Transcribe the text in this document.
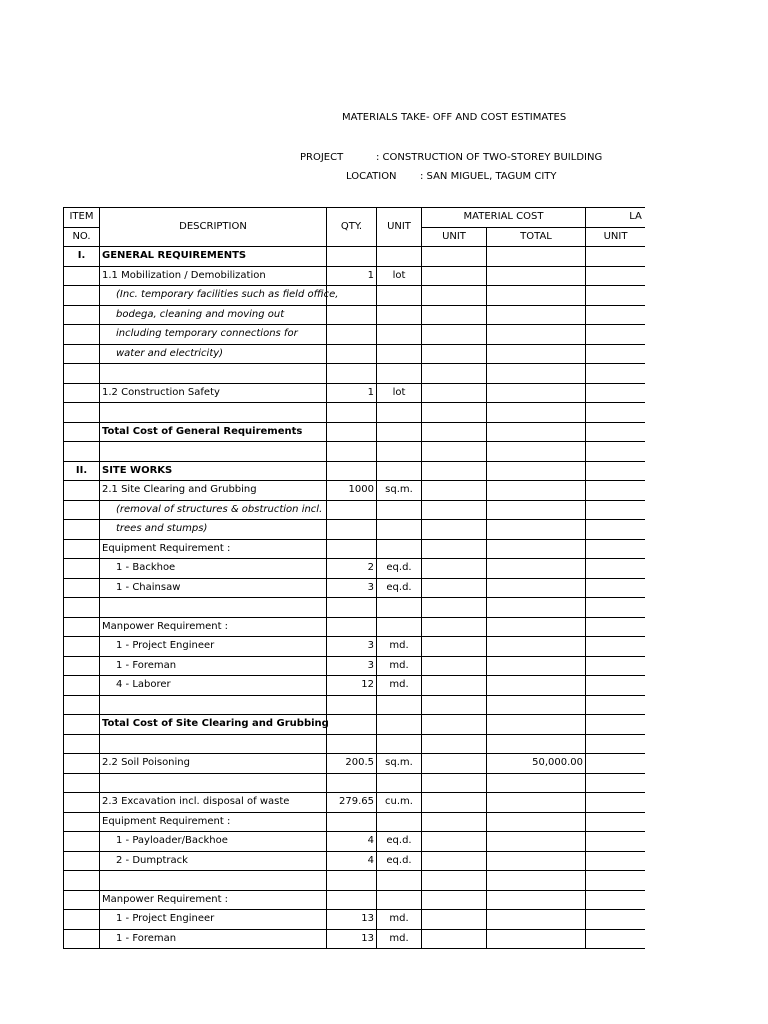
MATERIALS TAKE- OFF AND COST ESTIMATES
PROJECT	: CONSTRUCTION OF TWO-STOREY BUILDING
LOCATION : SAN MIGUEL, TAGUM CITY
ITEM	DESCRIPTION	QTY.	UNIT	MATERIAL COST		LA	
NO.				UNIT	TOTAL	UNIT	
I.	GENERAL REQUIREMENTS						
	1.1 Mobilization / Demobilization	1	lot				
	(Inc. temporary facilities such as field office,						
	bodega, cleaning and moving out						
	including temporary connections for						
	water and electricity)						

	1.2 Construction Safety	1	lot				

	Total Cost of General Requirements						

II.	SITE WORKS						
	2.1 Site Clearing and Grubbing	1000	sq.m.				
	(removal of structures & obstruction incl.						
	trees and stumps)						
	Equipment Requirement :						
	1 - Backhoe	2	eq.d.				
	1 - Chainsaw	3	eq.d.				

	Manpower Requirement :						
	1 - Project Engineer	3	md.				
	1 - Foreman	3	md.				
	4 - Laborer	12	md.				

	Total Cost of Site Clearing and Grubbing						

	2.2 Soil Poisoning	200.5	sq.m.		50,000.00		

	2.3 Excavation incl. disposal of waste	279.65	cu.m.				
	Equipment Requirement :						
	1 - Payloader/Backhoe	4	eq.d.				
	2 - Dumptrack	4	eq.d.				

	Manpower Requirement :						
	1 - Project Engineer	13	md.				
	1 - Foreman	13	md.				
